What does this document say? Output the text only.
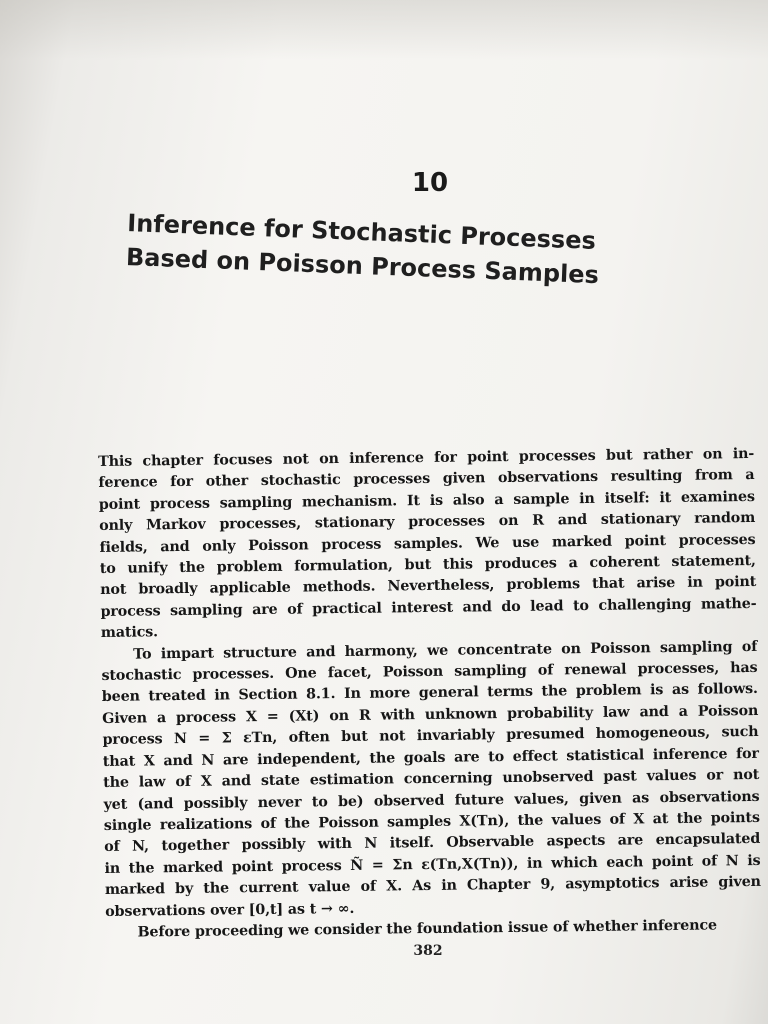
10
Inference for Stochastic Processes
Based on Poisson Process Samples
This chapter focuses not on inference for point processes but rather on in-
ference for other stochastic processes given observations resulting from a
point process sampling mechanism. It is also a sample in itself: it examines
only Markov processes, stationary processes on R and stationary random
fields, and only Poisson process samples. We use marked point processes
to unify the problem formulation, but this produces a coherent statement,
not broadly applicable methods. Nevertheless, problems that arise in point
process sampling are of practical interest and do lead to challenging mathe-
matics.
To impart structure and harmony, we concentrate on Poisson sampling of
stochastic processes. One facet, Poisson sampling of renewal processes, has
been treated in Section 8.1. In more general terms the problem is as follows.
Given a process X = (Xt) on R with unknown probability law and a Poisson
process N = Σ εTn, often but not invariably presumed homogeneous, such
that X and N are independent, the goals are to effect statistical inference for
the law of X and state estimation concerning unobserved past values or not
yet (and possibly never to be) observed future values, given as observations
single realizations of the Poisson samples X(Tn), the values of X at the points
of N, together possibly with N itself. Observable aspects are encapsulated
in the marked point process Ñ = Σn ε(Tn,X(Tn)), in which each point of N is
marked by the current value of X. As in Chapter 9, asymptotics arise given
observations over [0,t] as t → ∞.
Before proceeding we consider the foundation issue of whether inference
382
